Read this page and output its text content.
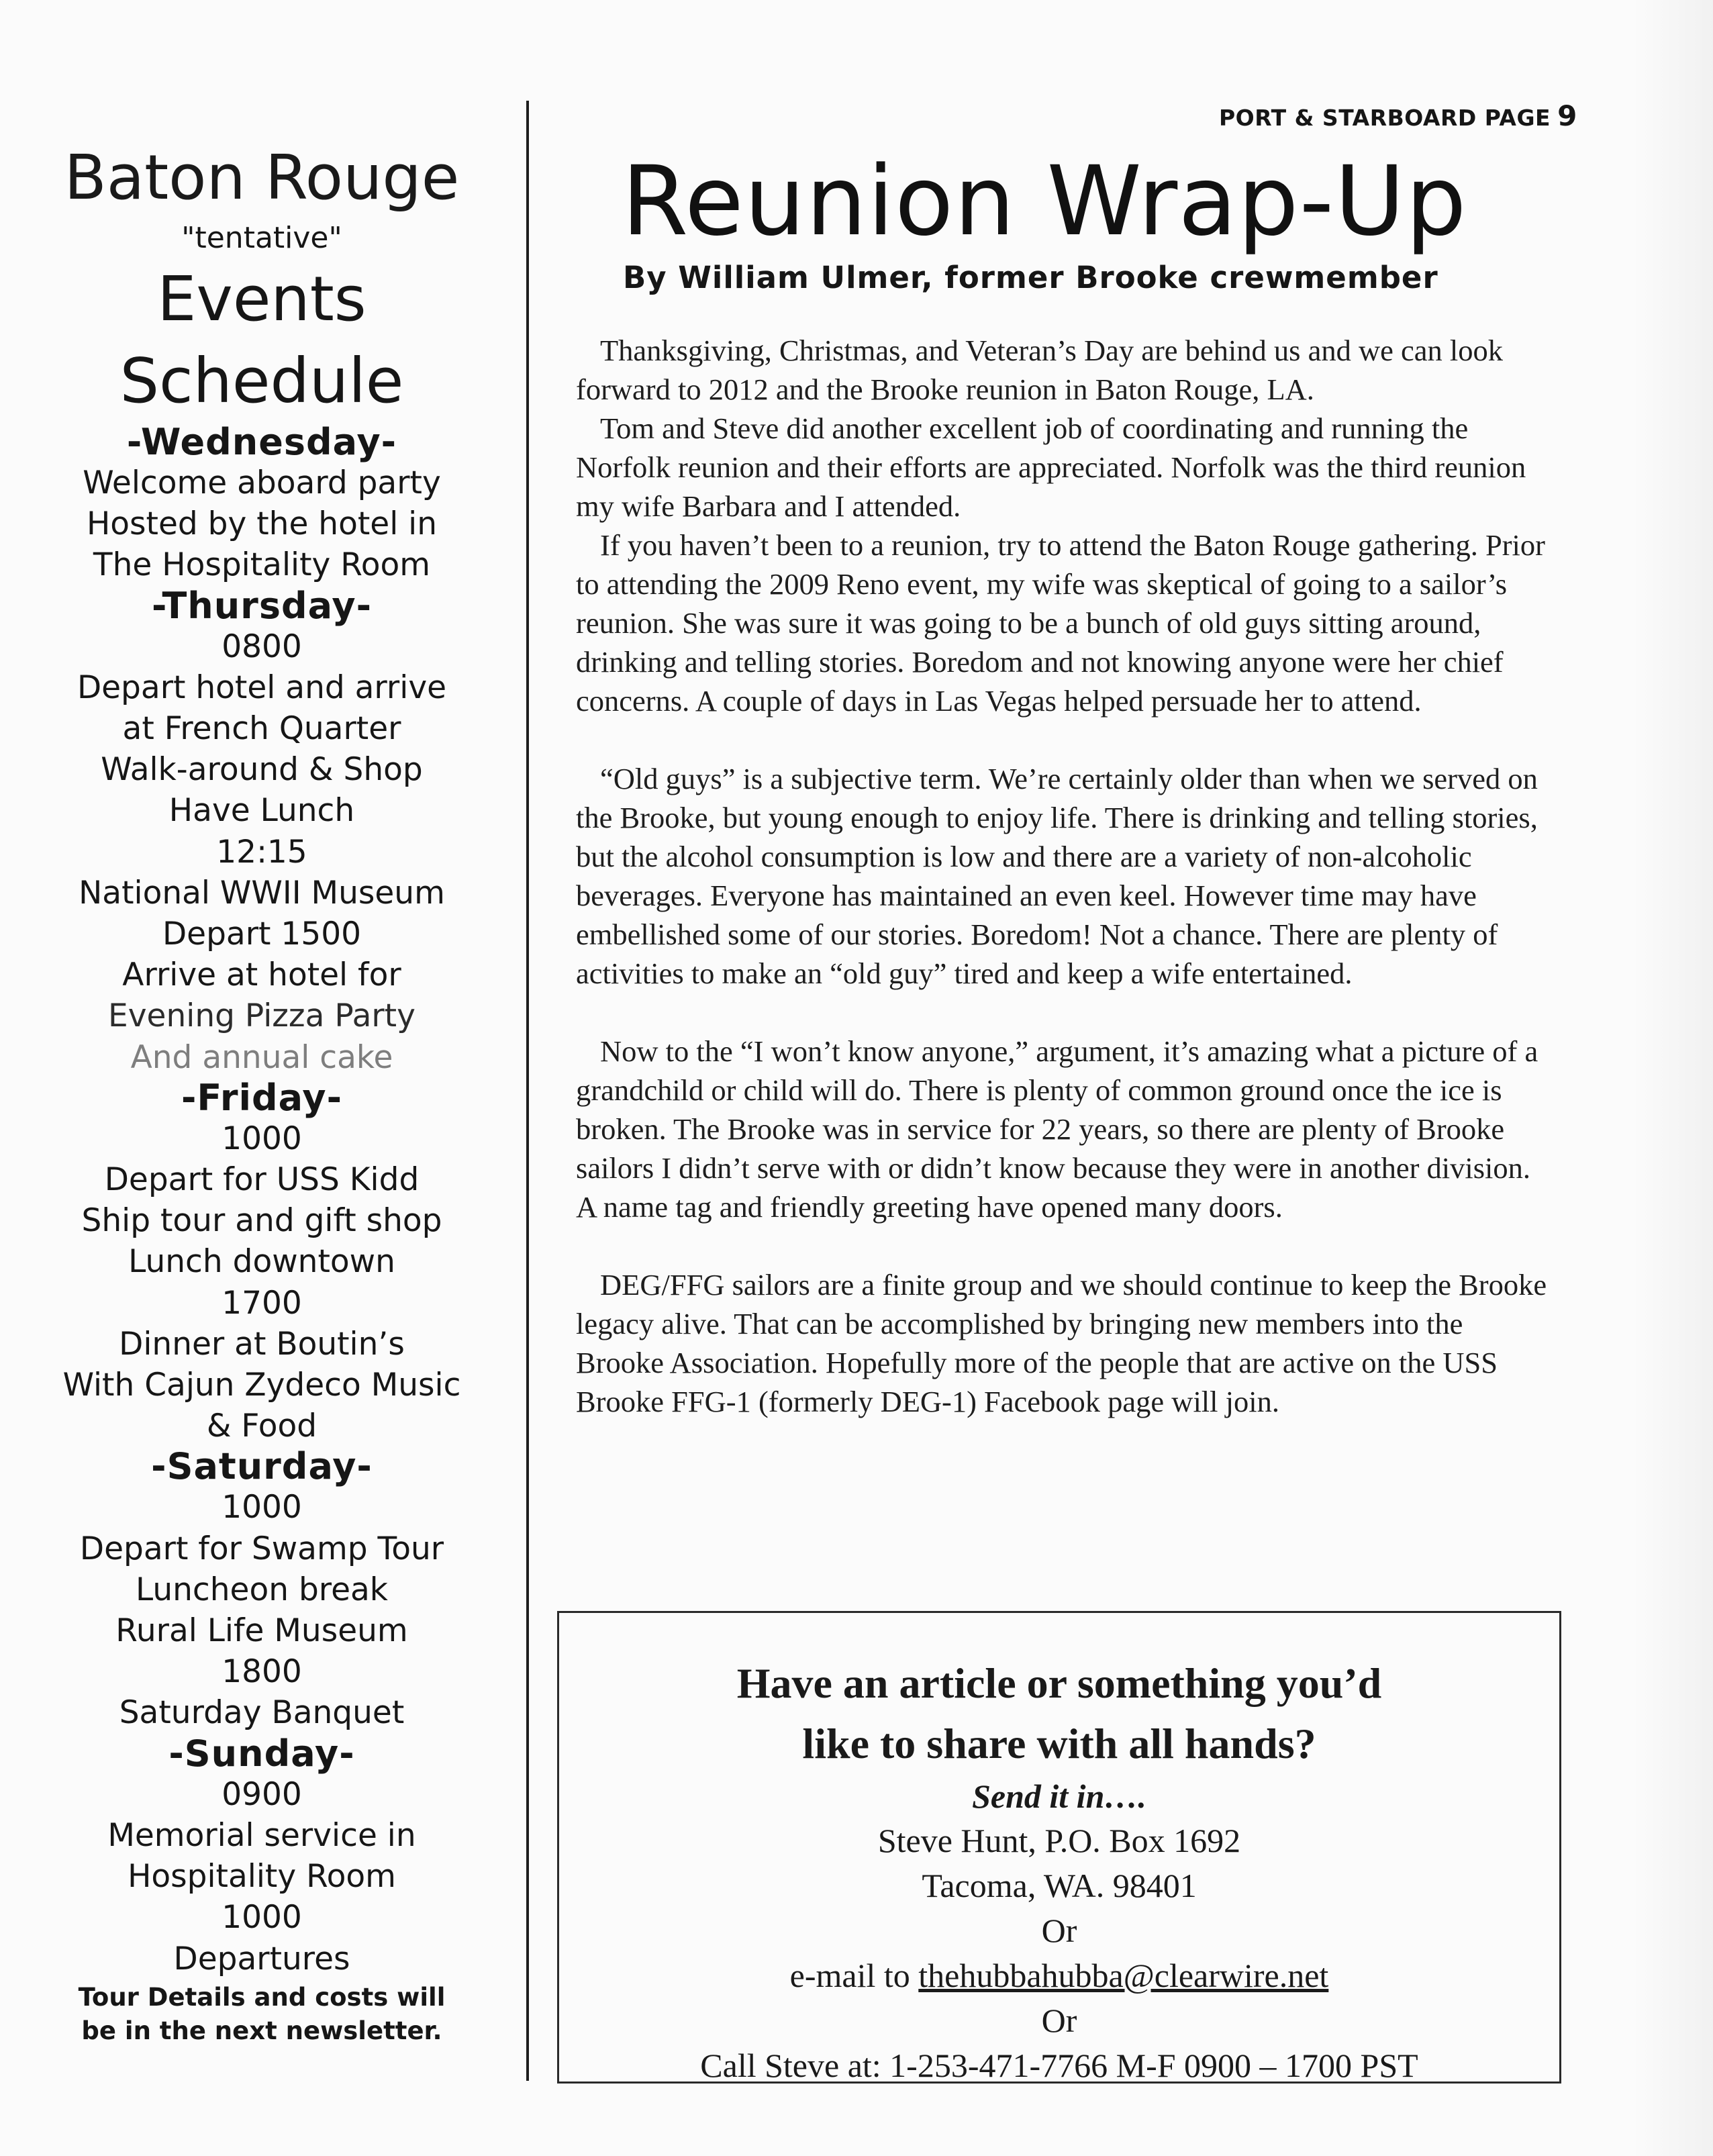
PORT & STARBOARD PAGE 9
Baton Rouge
"tentative"
Events
Schedule
-Wednesday-
Welcome aboard party
Hosted by the hotel in
The Hospitality Room
-Thursday-
0800
Depart hotel and arrive
at French Quarter
Walk-around & Shop
Have Lunch
12:15
National WWII Museum
Depart 1500
Arrive at hotel for
Evening Pizza Party
And annual cake
-Friday-
1000
Depart for USS Kidd
Ship tour and gift shop
Lunch downtown
1700
Dinner at Boutin’s
With Cajun Zydeco Music
& Food
-Saturday-
1000
Depart for Swamp Tour
Luncheon break
Rural Life Museum
1800
Saturday Banquet
-Sunday-
0900
Memorial service in
Hospitality Room
1000
Departures
Tour Details and costs will
be in the next newsletter.
Reunion Wrap-Up
By William Ulmer, former Brooke crewmember

Thanksgiving, Christmas, and Veteran’s Day are behind us and we can look forward to 2012 and the Brooke reunion in Baton Rouge, LA.

Tom and Steve did another excellent job of coordinating and running the Norfolk reunion and their efforts are appreciated. Norfolk was the third reunion my wife Barbara and I attended.

If you haven’t been to a reunion, try to attend the Baton Rouge gathering. Prior to attending the 2009 Reno event, my wife was skeptical of going to a sailor’s reunion. She was sure it was going to be a bunch of old guys sitting around, drinking and telling stories. Boredom and not knowing anyone were her chief concerns. A couple of days in Las Vegas helped persuade her to attend.

“Old guys” is a subjective term. We’re certainly older than when we served on the Brooke, but young enough to enjoy life. There is drinking and telling stories, but the alcohol consumption is low and there are a variety of non-alcoholic beverages. Everyone has maintained an even keel. However time may have embellished some of our stories. Boredom! Not a chance. There are plenty of activities to make an “old guy” tired and keep a wife entertained.

Now to the “I won’t know anyone,” argument, it’s amazing what a picture of a grandchild or child will do. There is plenty of common ground once the ice is broken. The Brooke was in service for 22 years, so there are plenty of Brooke sailors I didn’t serve with or didn’t know because they were in another division. A name tag and friendly greeting have opened many doors.

DEG/FFG sailors are a finite group and we should continue to keep the Brooke legacy alive. That can be accomplished by bringing new members into the Brooke Association. Hopefully more of the people that are active on the USS Brooke FFG-1 (formerly DEG-1) Facebook page will join.

Have an article or something you’d
like to share with all hands?
Send it in….
Steve Hunt, P.O. Box 1692
Tacoma, WA. 98401
Or
e-mail to thehubbahubba@clearwire.net
Or
Call Steve at: 1-253-471-7766 M-F 0900 – 1700 PST
